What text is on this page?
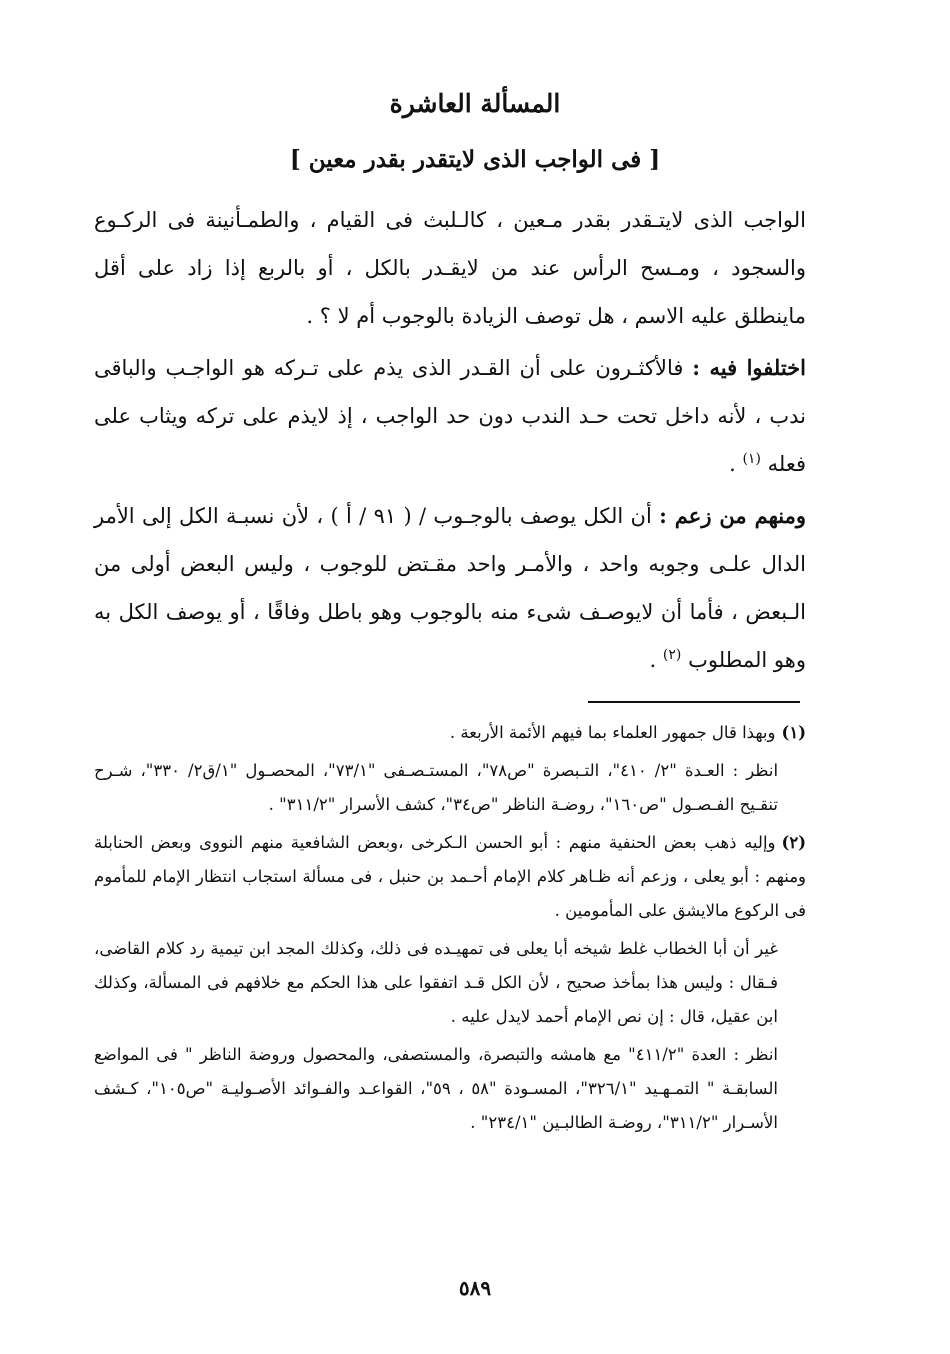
المسألة العاشرة
[ فى الواجب الذى لايتقدر بقدر معين ]

الواجب الذى لايتـقدر بقدر مـعين ، كالـلبث فى القيام ، والطمـأنينة فى الركـوع والسجود ، ومـسح الرأس عند من لايقـدر بالكل ، أو بالربع إذا زاد على أقل ماينطلق عليه الاسم ، هل توصف الزيادة بالوجوب أم لا ؟ .

اختلفوا فيه : فالأكثـرون على أن القـدر الذى يذم على تـركه هو الواجـب والباقى ندب ، لأنه داخل تحت حـد الندب دون حد الواجب ، إذ لايذم على تركه ويثاب على فعله $^{(١)}$ .

ومنهم من زعم : أن الكل يوصف بالوجـوب / ( ٩١ / أ ) ، لأن نسبـة الكل إلى الأمر الدال علـى وجوبه واحد ، والأمـر واحد مقـتض للوجوب ، وليس البعض أولى من الـبعض ، فأما أن لايوصـف شىء منه بالوجوب وهو باطل وفاقًا ، أو يوصف الكل به وهو المطلوب $^{(٢)}$ .

(١)وبهذا قال جمهور العلماء بما فيهم الأئمة الأربعة .

انظر : العـدة "٢/ ٤١٠"، التـبصرة "ص٧٨"، المستـصـفى "٧٣/١"، المحصـول "١/ق٢/ ٣٣٠"، شـرح تنقـيح الفـصـول "ص١٦٠"، روضـة الناظر "ص٣٤"، كشف الأسرار "٣١١/٢" .

(٢)وإليه ذهب بعض الحنفية منهم : أبو الحسن الـكرخى ،وبعض الشافعية منهم النووى وبعض الحنابلة ومنهم : أبو يعلى ، وزعم أنه ظـاهر كلام الإمام أحـمد بن حنبل ، فى مسألة استجاب انتظار الإمام للمأموم فى الركوع مالايشق على المأمومين .

غير أن أبا الخطاب غلط شيخه أبا يعلى فى تمهيـده فى ذلك، وكذلك المجد ابن تيمية رد كلام القاضى، فـقال : وليس هذا بمأخذ صحيح ، لأن الكل قـد اتفقوا على هذا الحكم مع خلافهم فى المسألة، وكذلك ابن عقيل، قال : إن نص الإمام أحمد لايدل عليه .

انظر : العدة "٤١١/٢" مع هامشه والتبصرة، والمستصفى، والمحصول وروضة الناظر " فى المواضع السابقـة " التمـهـيد "٣٢٦/١"، المسـودة "٥٨ ، ٥٩"، القواعـد والفـوائد الأصـوليـة "ص١٠٥"، كـشف الأسـرار "٣١١/٢"، روضـة الطالبـين "٢٣٤/١" .

٥٨٩
